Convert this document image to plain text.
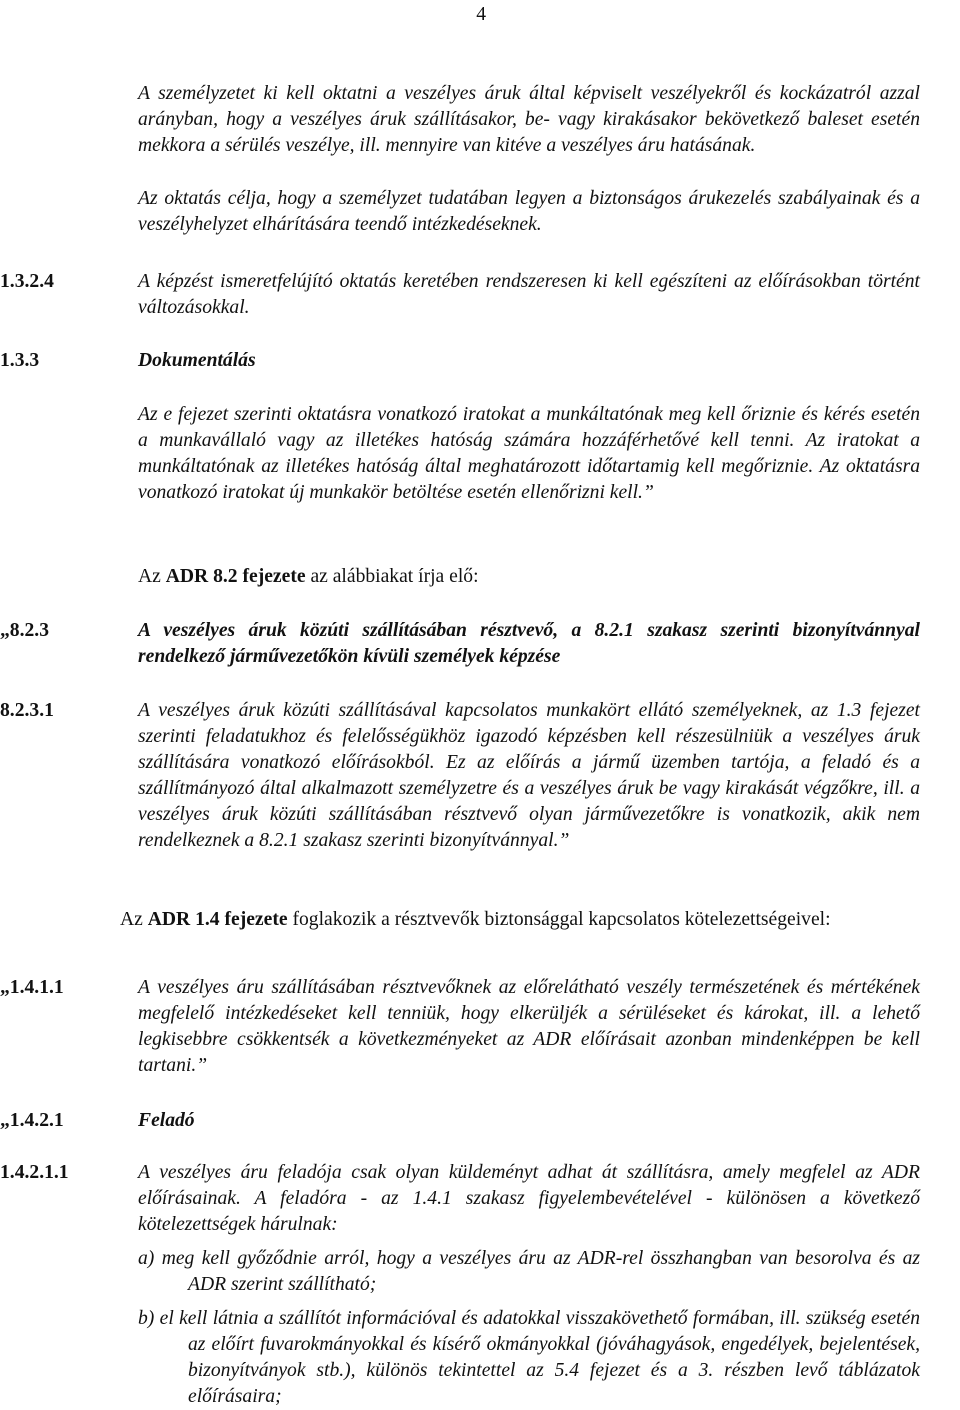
4

A személyzetet ki kell oktatni a veszélyes áruk által képviselt veszélyekről és kockázatról azzal arányban, hogy a veszélyes áruk szállításakor, be- vagy kirakásakor bekövetkező baleset esetén mekkora a sérülés veszélye, ill. mennyire van kitéve a veszélyes áru hatásának.

Az oktatás célja, hogy a személyzet tudatában legyen a biztonságos árukezelés szabályainak és a veszélyhelyzet elhárítására teendő intézkedéseknek.

1.3.2.4	A képzést ismeretfelújító oktatás keretében rendszeresen ki kell egészíteni az előírásokban történt változásokkal.
1.3.3	Dokumentálás
Az e fejezet szerinti oktatásra vonatkozó iratokat a munkáltatónak meg kell őriznie és kérés esetén a munkavállaló vagy az illetékes hatóság számára hozzáférhetővé kell tenni. Az iratokat a munkáltatónak az illetékes hatóság által meghatározott időtartamig kell megőriznie. Az oktatásra vonatkozó iratokat új munkakör betöltése esetén ellenőrizni kell.”
Az ADR 8.2 fejezete az alábbiakat írja elő:
„8.2.3	A veszélyes áruk közúti szállításában résztvevő, a 8.2.1 szakasz szerinti bizonyítvánnyal rendelkező járművezetőkön kívüli személyek képzése
8.2.3.1	A veszélyes áruk közúti szállításával kapcsolatos munkakört ellátó személyeknek, az 1.3 fejezet szerinti feladatukhoz és felelősségükhöz igazodó képzésben kell részesülniük a veszélyes áruk szállítására vonatkozó előírásokból. Ez az előírás a jármű üzemben tartója, a feladó és a szállítmányozó által alkalmazott személyzetre és a veszélyes áruk be vagy kirakását végzőkre, ill. a veszélyes áruk közúti szállításában résztvevő olyan járművezetőkre is vonatkozik, akik nem rendelkeznek a 8.2.1 szakasz szerinti bizonyítvánnyal.”
Az ADR 1.4 fejezete foglakozik a résztvevők biztonsággal kapcsolatos kötelezettségeivel:
„1.4.1.1	A veszélyes áru szállításában résztvevőknek az előrelátható veszély természetének és mértékének megfelelő intézkedéseket kell tenniük, hogy elkerüljék a sérüléseket és károkat, ill. a lehető legkisebbre csökkentsék a következményeket az ADR előírásait azonban mindenképpen be kell tartani.”
„1.4.2.1	Feladó
1.4.2.1.1	A veszélyes áru feladója csak olyan küldeményt adhat át szállításra, amely megfelel az ADR előírásainak. A feladóra - az 1.4.1 szakasz figyelembevételével - különösen a következő kötelezettségek hárulnak:

a) meg kell győződnie arról, hogy a veszélyes áru az ADR-rel összhangban van besorolva és az ADR szerint szállítható;

b) el kell látnia a szállítót információval és adatokkal visszakövethető formában, ill. szükség esetén az előírt fuvarokmányokkal és kísérő okmányokkal (jóváhagyások, engedélyek, bejelentések, bizonyítványok stb.), különös tekintettel az 5.4 fejezet és a 3. részben levő táblázatok előírásaira;
